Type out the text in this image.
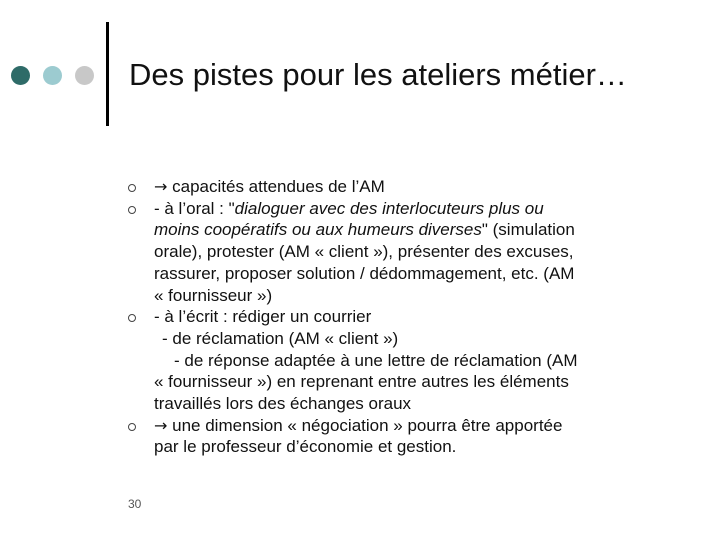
Des pistes pour les ateliers métier…
→ capacités attendues de l’AM
- à l’oral : "dialoguer avec des interlocuteurs plus ou
moins coopératifs ou aux humeurs diverses" (simulation
orale), protester (AM « client »), présenter des excuses,
rassurer, proposer solution / dédommagement, etc. (AM
« fournisseur »)
- à l’écrit : rédiger un courrier
- de réclamation (AM « client »)
- de réponse adaptée à une lettre de réclamation (AM
« fournisseur ») en reprenant entre autres les éléments
travaillés lors des échanges oraux
→ une dimension « négociation » pourra être apportée
par le professeur d’économie et gestion.
30
